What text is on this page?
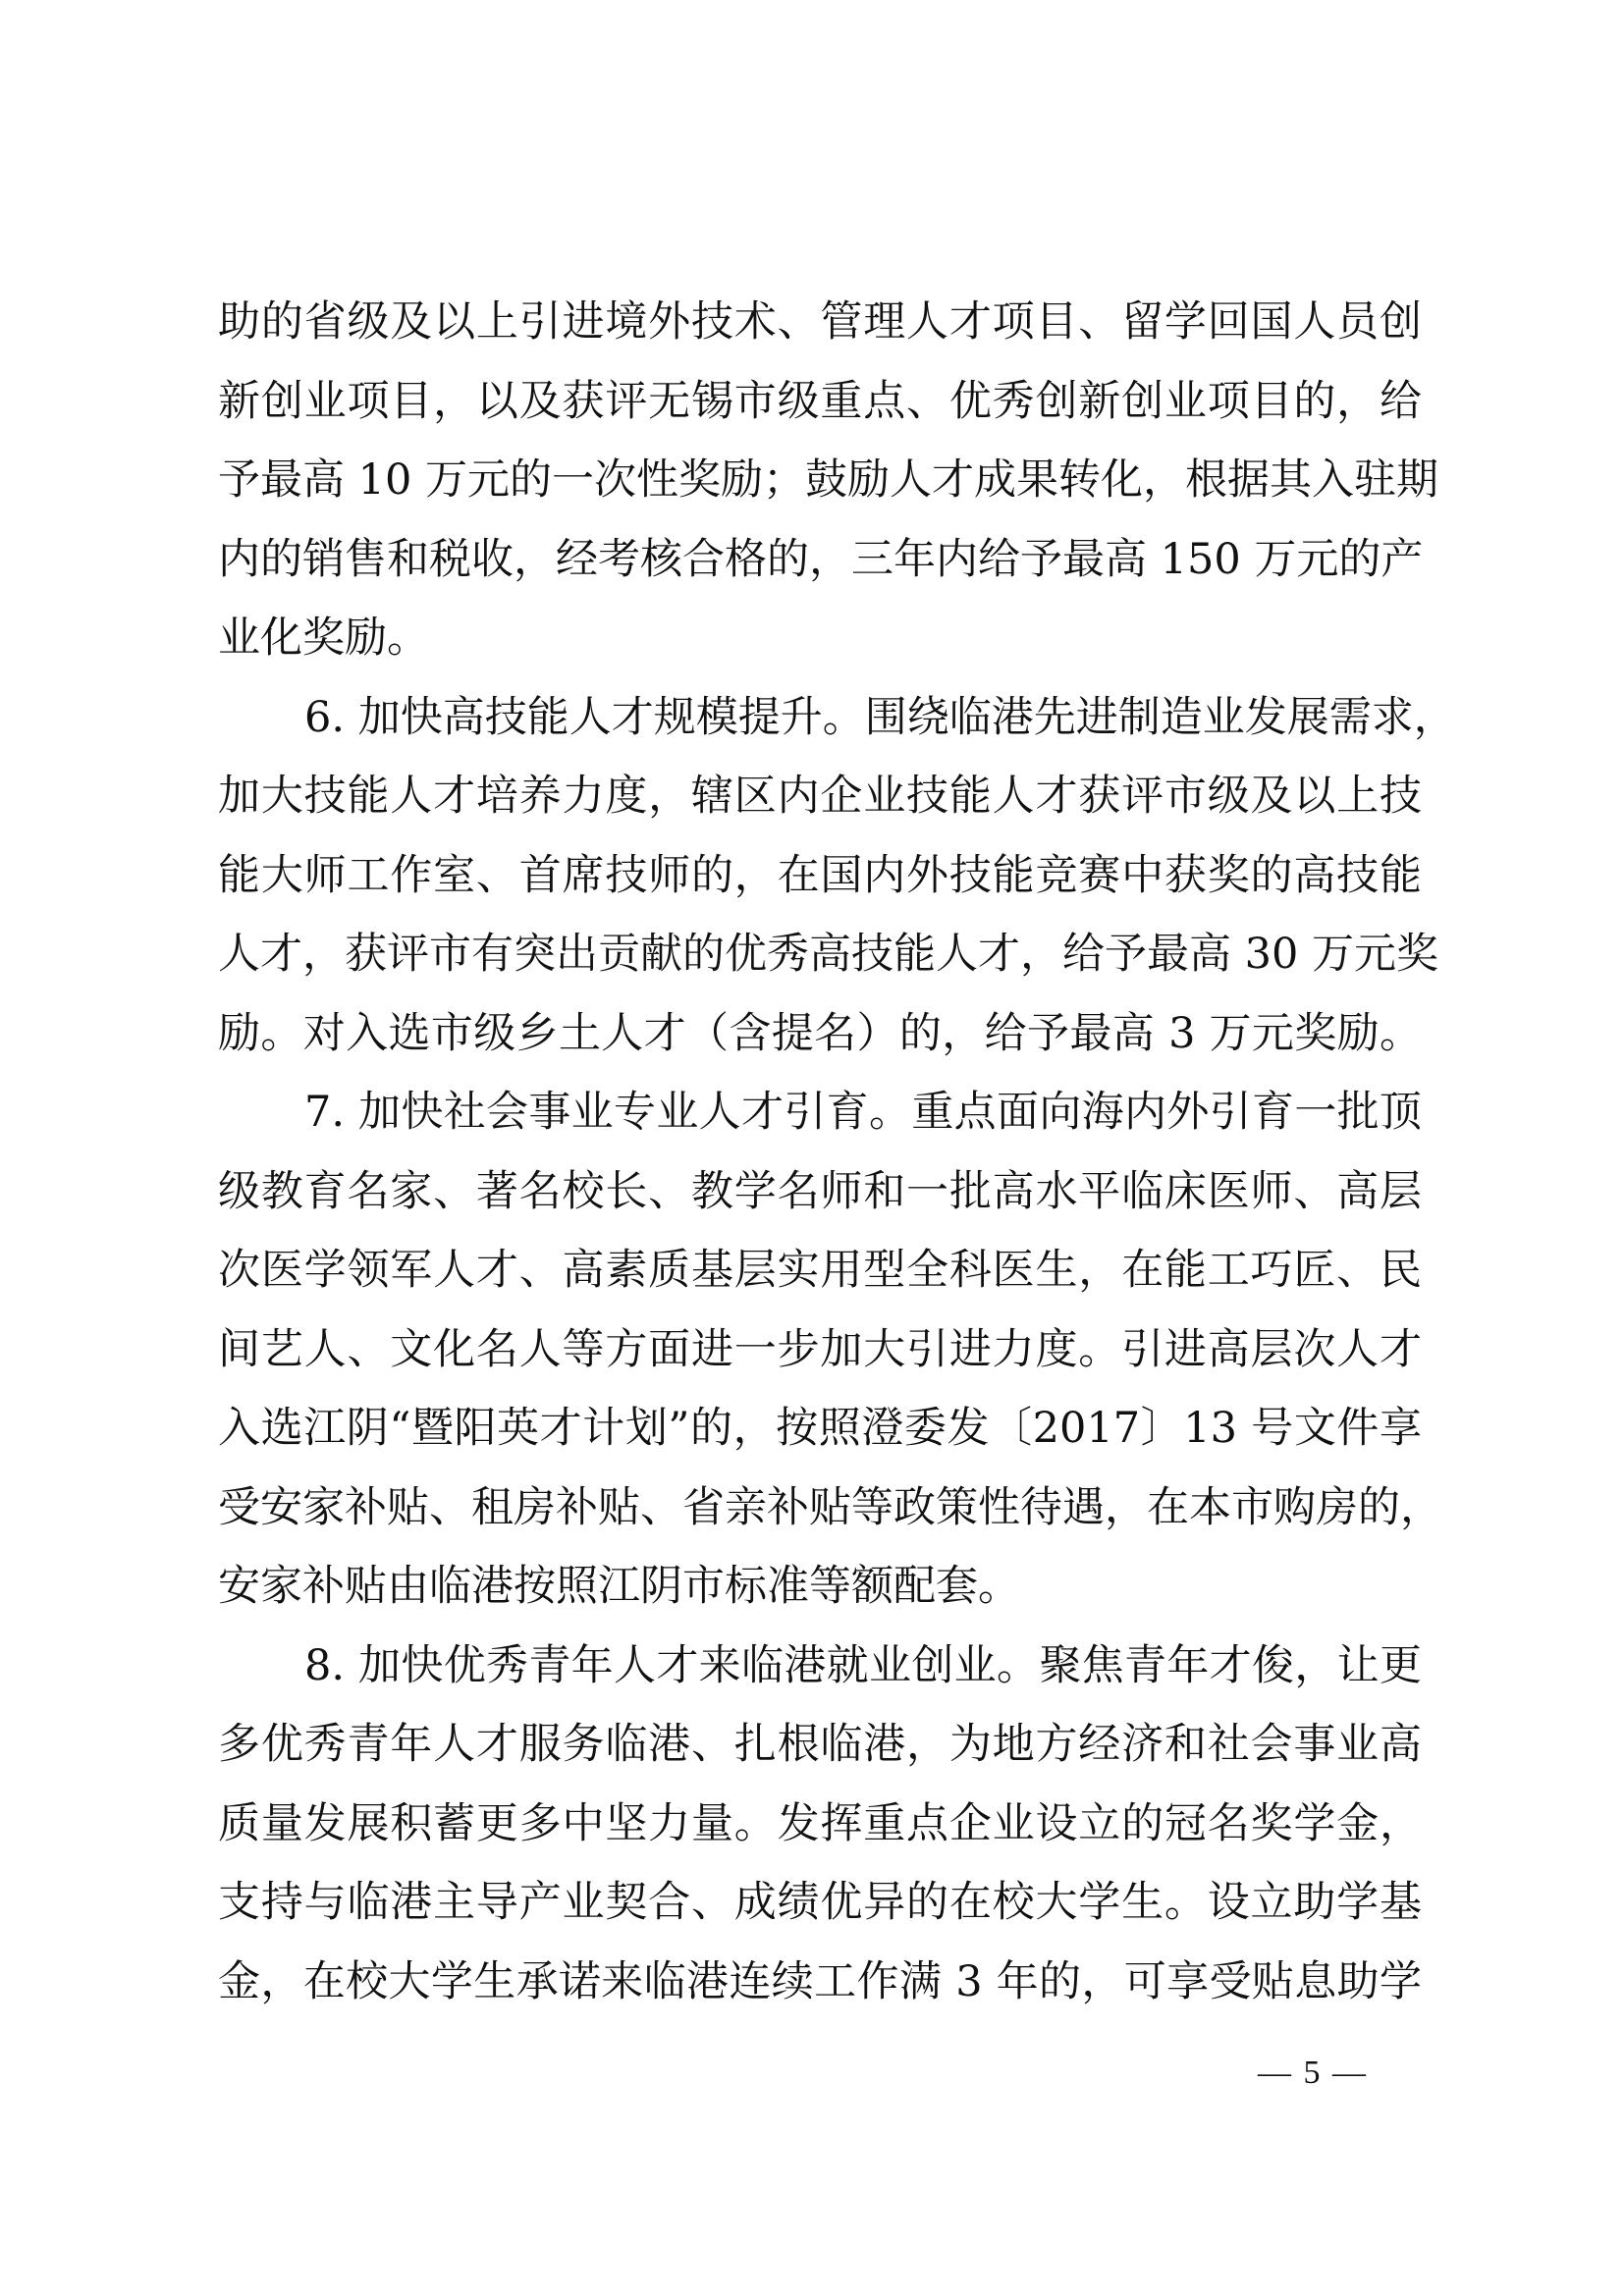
助的省级及以上引进境外技术、管理人才项目、留学回国人员创
新创业项目，以及获评无锡市级重点、优秀创新创业项目的，给
予最高 10 万元的一次性奖励；鼓励人才成果转化，根据其入驻期
内的销售和税收，经考核合格的，三年内给予最高 150 万元的产
业化奖励。
6. 加快高技能人才规模提升。围绕临港先进制造业发展需求，
加大技能人才培养力度，辖区内企业技能人才获评市级及以上技
能大师工作室、首席技师的，在国内外技能竞赛中获奖的高技能
人才，获评市有突出贡献的优秀高技能人才，给予最高 30 万元奖
励。对入选市级乡土人才（含提名）的，给予最高 3 万元奖励。
7. 加快社会事业专业人才引育。重点面向海内外引育一批顶
级教育名家、著名校长、教学名师和一批高水平临床医师、高层
次医学领军人才、高素质基层实用型全科医生，在能工巧匠、民
间艺人、文化名人等方面进一步加大引进力度。引进高层次人才
入选江阴“暨阳英才计划”的，按照澄委发〔2017〕13 号文件享
受安家补贴、租房补贴、省亲补贴等政策性待遇，在本市购房的，
安家补贴由临港按照江阴市标准等额配套。
8. 加快优秀青年人才来临港就业创业。聚焦青年才俊，让更
多优秀青年人才服务临港、扎根临港，为地方经济和社会事业高
质量发展积蓄更多中坚力量。发挥重点企业设立的冠名奖学金，
支持与临港主导产业契合、成绩优异的在校大学生。设立助学基
金，在校大学生承诺来临港连续工作满 3 年的，可享受贴息助学
— 5 —
